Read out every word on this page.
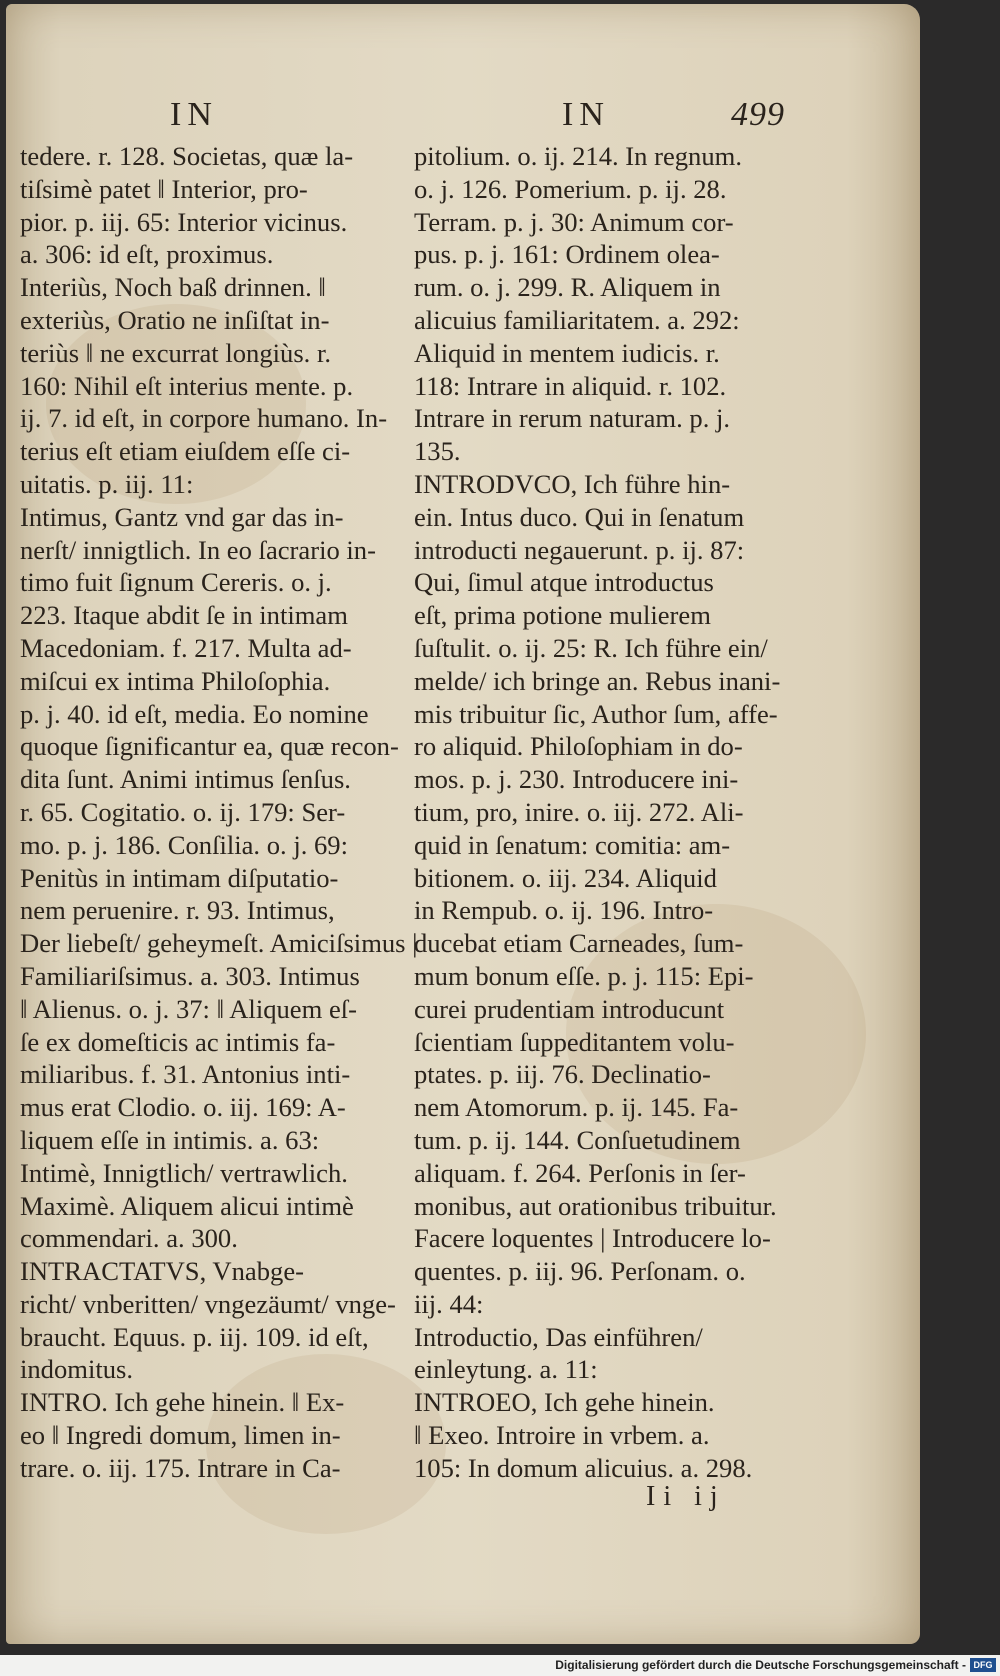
IN	IN	499
tedere. r. 128. Societas, quæ la-
tiſsimè patet ǁ Interior, pro-
pior. p. iij. 65: Interior vicinus.
a. 306: id eſt, proximus.
Interiùs, Noch baß drinnen. ǁ
exteriùs, Oratio ne inſiſtat in-
teriùs ǁ ne excurrat longiùs. r.
160: Nihil eſt interius mente. p.
ij. 7. id eſt, in corpore humano. In-
terius eſt etiam eiuſdem eſſe ci-
uitatis. p. iij. 11:
Intimus, Gantz vnd gar das in-
nerſt/ innigtlich. In eo ſacrario in-
timo fuit ſignum Cereris. o. j.
223. Itaque abdit ſe in intimam
Macedoniam. f. 217. Multa ad-
miſcui ex intima Philoſophia.
p. j. 40. id eſt, media. Eo nomine
quoque ſignificantur ea, quæ recon-
dita ſunt. Animi intimus ſenſus.
r. 65. Cogitatio. o. ij. 179: Ser-
mo. p. j. 186. Conſilia. o. j. 69:
Penitùs in intimam diſputatio-
nem peruenire. r. 93. Intimus,
Der liebeſt/ geheymeſt. Amiciſsimus |
Familiariſsimus. a. 303. Intimus
ǁ Alienus. o. j. 37: ǁ Aliquem eſ-
ſe ex domeſticis ac intimis fa-
miliaribus. f. 31. Antonius inti-
mus erat Clodio. o. iij. 169: A-
liquem eſſe in intimis. a. 63:
Intimè, Innigtlich/ vertrawlich.
Maximè. Aliquem alicui intimè
commendari. a. 300.
INTRACTATVS, Vnabge-
richt/ vnberitten/ vngezäumt/ vnge-
braucht. Equus. p. iij. 109. id eſt,
indomitus.
INTRO. Ich gehe hinein. ǁ Ex-
eo ǁ Ingredi domum, limen in-
trare. o. iij. 175. Intrare in Ca-
pitolium. o. ij. 214. In regnum.
o. j. 126. Pomerium. p. ij. 28.
Terram. p. j. 30: Animum cor-
pus. p. j. 161: Ordinem olea-
rum. o. j. 299. R. Aliquem in
alicuius familiaritatem. a. 292:
Aliquid in mentem iudicis. r.
118: Intrare in aliquid. r. 102.
Intrare in rerum naturam. p. j.
135.
INTRODVCO, Ich führe hin-
ein. Intus duco. Qui in ſenatum
introducti negauerunt. p. ij. 87:
Qui, ſimul atque introductus
eſt, prima potione mulierem
ſuſtulit. o. ij. 25: R. Ich führe ein/
melde/ ich bringe an. Rebus inani-
mis tribuitur ſic, Author ſum, affe-
ro aliquid. Philoſophiam in do-
mos. p. j. 230. Introducere ini-
tium, pro, inire. o. iij. 272. Ali-
quid in ſenatum: comitia: am-
bitionem. o. iij. 234. Aliquid
in Rempub. o. ij. 196. Intro-
ducebat etiam Carneades, ſum-
mum bonum eſſe. p. j. 115: Epi-
curei prudentiam introducunt
ſcientiam ſuppeditantem volu-
ptates. p. iij. 76. Declinatio-
nem Atomorum. p. ij. 145. Fa-
tum. p. ij. 144. Conſuetudinem
aliquam. f. 264. Perſonis in ſer-
monibus, aut orationibus tribuitur.
Facere loquentes | Introducere lo-
quentes. p. iij. 96. Perſonam. o.
iij. 44:
Introductio, Das einführen/
einleytung. a. 11:
INTROEO, Ich gehe hinein.
ǁ Exeo. Introire in vrbem. a.
105: In domum alicuius. a. 298.
Ii ij
Digitalisierung gefördert durch die Deutsche Forschungsgemeinschaft - DFG
